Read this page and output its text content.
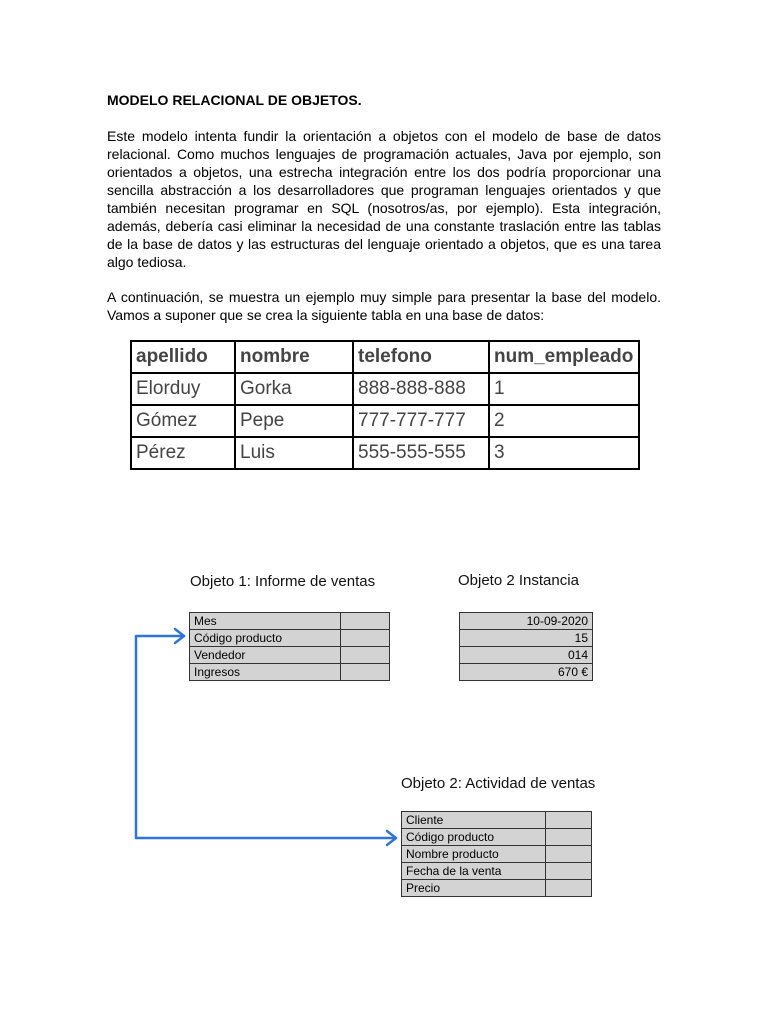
MODELO RELACIONAL DE OBJETOS.
Este modelo intenta fundir la orientación a objetos con el modelo de base de datos relacional. Como muchos lenguajes de programación actuales, Java por ejemplo, son orientados a objetos, una estrecha integración entre los dos podría proporcionar una sencilla abstracción a los desarrolladores que programan lenguajes orientados y que también necesitan programar en SQL (nosotros/as, por ejemplo). Esta integración, además, debería casi eliminar la necesidad de una constante traslación entre las tablas de la base de datos y las estructuras del lenguaje orientado a objetos, que es una tarea algo tediosa.
A continuación, se muestra un ejemplo muy simple para presentar la base del modelo. Vamos a suponer que se crea la siguiente tabla en una base de datos:
apellido	nombre	telefono	num_empleado
Elorduy	Gorka	888-888-888	1
Gómez	Pepe	777-777-777	2
Pérez	Luis	555-555-555	3
Objeto 1: Informe de ventas	Objeto 2 Instancia
Objeto 2: Actividad de ventas
Mes	
Código producto	
Vendedor	
Ingresos	
10-09-2020
15
014
670 €
Cliente	
Código producto	
Nombre producto	
Fecha de la venta	
Precio	
